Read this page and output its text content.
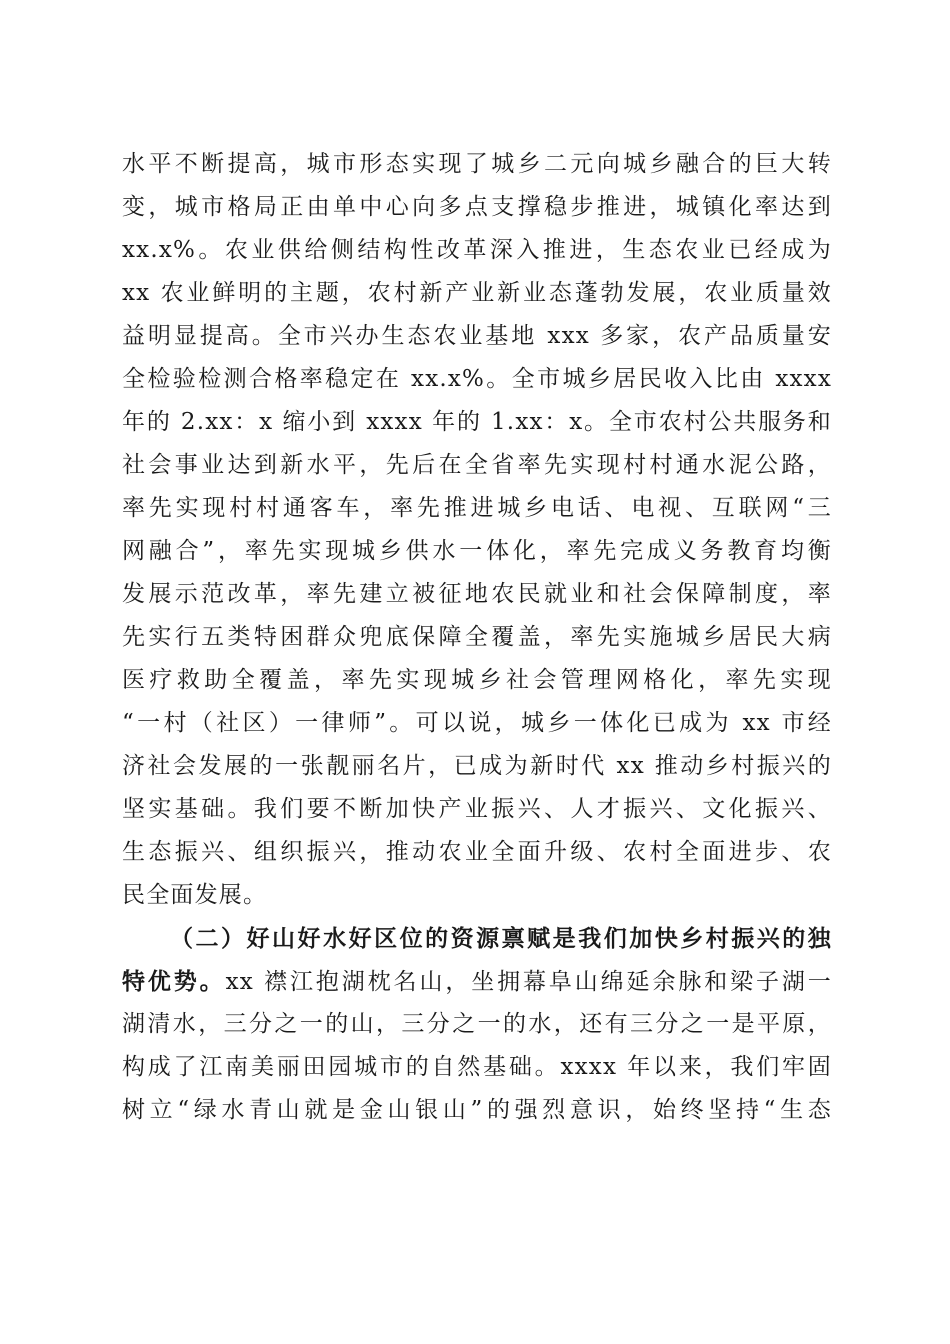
水平不断提高，城市形态实现了城乡二元向城乡融合的巨大转
变，城市格局正由单中心向多点支撑稳步推进，城镇化率达到
xx.x%。农业供给侧结构性改革深入推进，生态农业已经成为
xx 农业鲜明的主题，农村新产业新业态蓬勃发展，农业质量效
益明显提高。全市兴办生态农业基地 xxx 多家，农产品质量安
全检验检测合格率稳定在 xx.x%。全市城乡居民收入比由 xxxx
年的 2.xx：x 缩小到 xxxx 年的 1.xx：x。全市农村公共服务和
社会事业达到新水平，先后在全省率先实现村村通水泥公路，
率先实现村村通客车，率先推进城乡电话、电视、互联网“三
网融合”，率先实现城乡供水一体化，率先完成义务教育均衡
发展示范改革，率先建立被征地农民就业和社会保障制度，率
先实行五类特困群众兜底保障全覆盖，率先实施城乡居民大病
医疗救助全覆盖，率先实现城乡社会管理网格化，率先实现
“一村（社区）一律师”。可以说，城乡一体化已成为 xx 市经
济社会发展的一张靓丽名片，已成为新时代 xx 推动乡村振兴的
坚实基础。我们要不断加快产业振兴、人才振兴、文化振兴、
生态振兴、组织振兴，推动农业全面升级、农村全面进步、农
民全面发展。
（二）好山好水好区位的资源禀赋是我们加快乡村振兴的独
特优势。xx 襟江抱湖枕名山，坐拥幕阜山绵延余脉和梁子湖一
湖清水，三分之一的山，三分之一的水，还有三分之一是平原，
构成了江南美丽田园城市的自然基础。xxxx 年以来，我们牢固
树立“绿水青山就是金山银山”的强烈意识，始终坚持“生态
